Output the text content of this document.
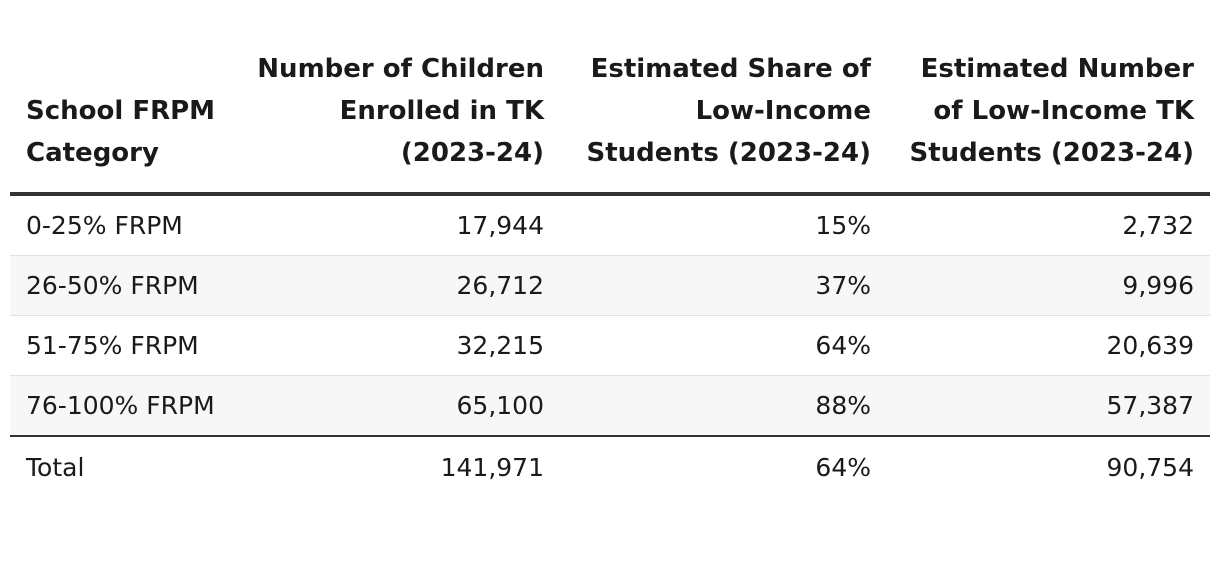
School FRPM Category	Number of Children Enrolled in TK (2023-24)	Estimated Share of Low-Income Students (2023-24)	Estimated Number of Low-Income TK Students (2023-24)
0-25% FRPM	17,944	15%	2,732
26-50% FRPM	26,712	37%	9,996
51-75% FRPM	32,215	64%	20,639
76-100% FRPM	65,100	88%	57,387
Total	141,971	64%	90,754
